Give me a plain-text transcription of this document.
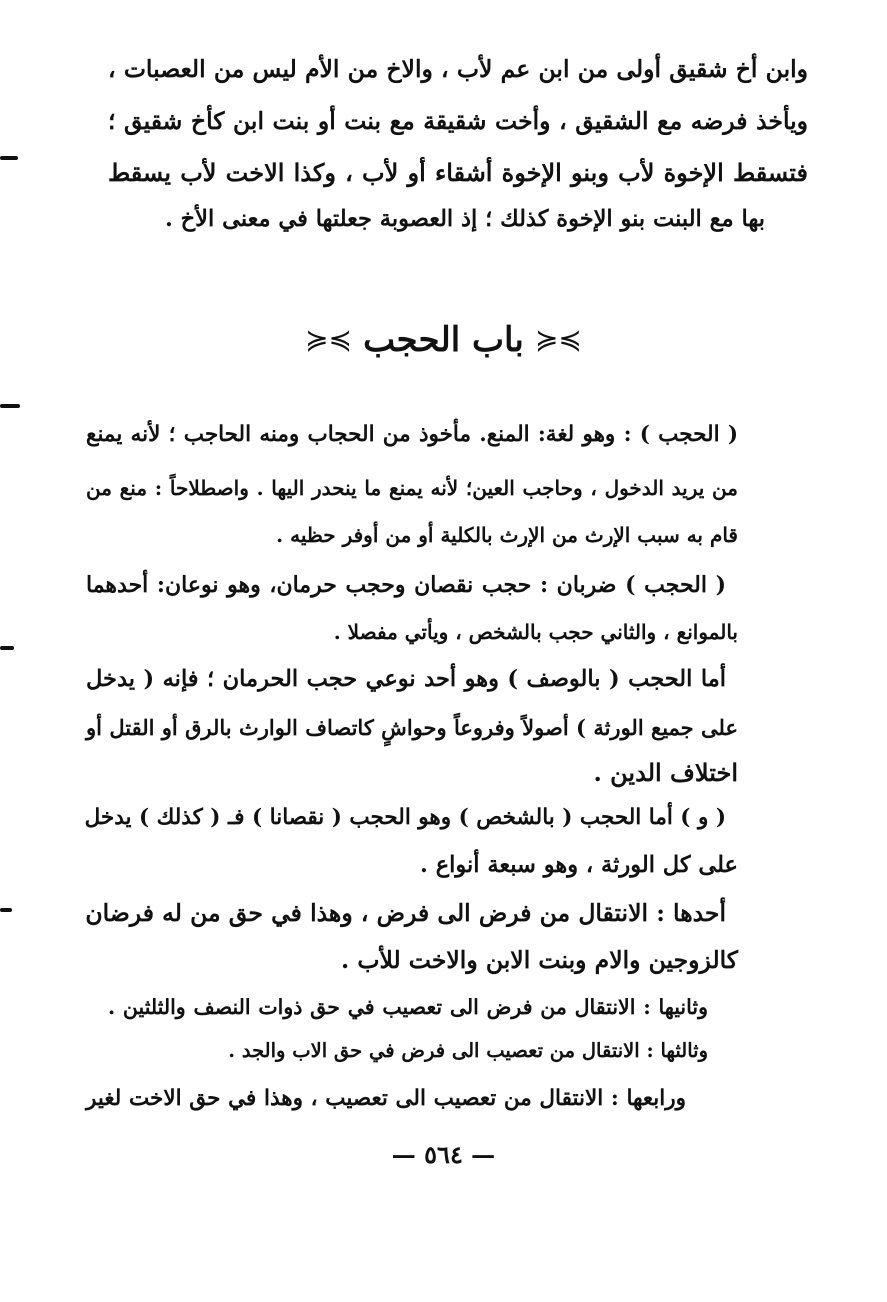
وابن أخ شقيق أولى من ابن عم لأب ، والاخ من الأم ليس من العصبات ،
ويأخذ فرضه مع الشقيق ، وأخت شقيقة مع بنت أو بنت ابن كأخ شقيق ؛
فتسقط الإخوة لأب وبنو الإخوة أشقاء أو لأب ، وكذا الاخت لأب يسقط
بها مع البنت بنو الإخوة كذلك ؛ إذ العصوبة جعلتها في معنى الأخ .
≽≼ باب الحجب ≽≼
( الحجب ) : وهو لغة: المنع. مأخوذ من الحجاب ومنه الحاجب ؛ لأنه يمنع
من يريد الدخول ، وحاجب العين؛ لأنه يمنع ما ينحدر اليها . واصطلاحاً : منع من
قام به سبب الإرث من الإرث بالكلية أو من أوفر حظيه .
( الحجب ) ضربان : حجب نقصان وحجب حرمان، وهو نوعان: أحدهما
بالموانع ، والثاني حجب بالشخص ، ويأتي مفصلا .
أما الحجب ( بالوصف ) وهو أحد نوعي حجب الحرمان ؛ فإنه ( يدخل
على جميع الورثة ) أصولاً وفروعاً وحواشٍ كاتصاف الوارث بالرق أو القتل أو
اختلاف الدين .
( و ) أما الحجب ( بالشخص ) وهو الحجب ( نقصانا ) فـ ( كذلك ) يدخل
على كل الورثة ، وهو سبعة أنواع .
أحدها : الانتقال من فرض الى فرض ، وهذا في حق من له فرضان
كالزوجين والام وبنت الابن والاخت للأب .
وثانيها : الانتقال من فرض الى تعصيب في حق ذوات النصف والثلثين .
وثالثها : الانتقال من تعصيب الى فرض في حق الاب والجد .
ورابعها : الانتقال من تعصيب الى تعصيب ، وهذا في حق الاخت لغير
— ٥٦٤ —
